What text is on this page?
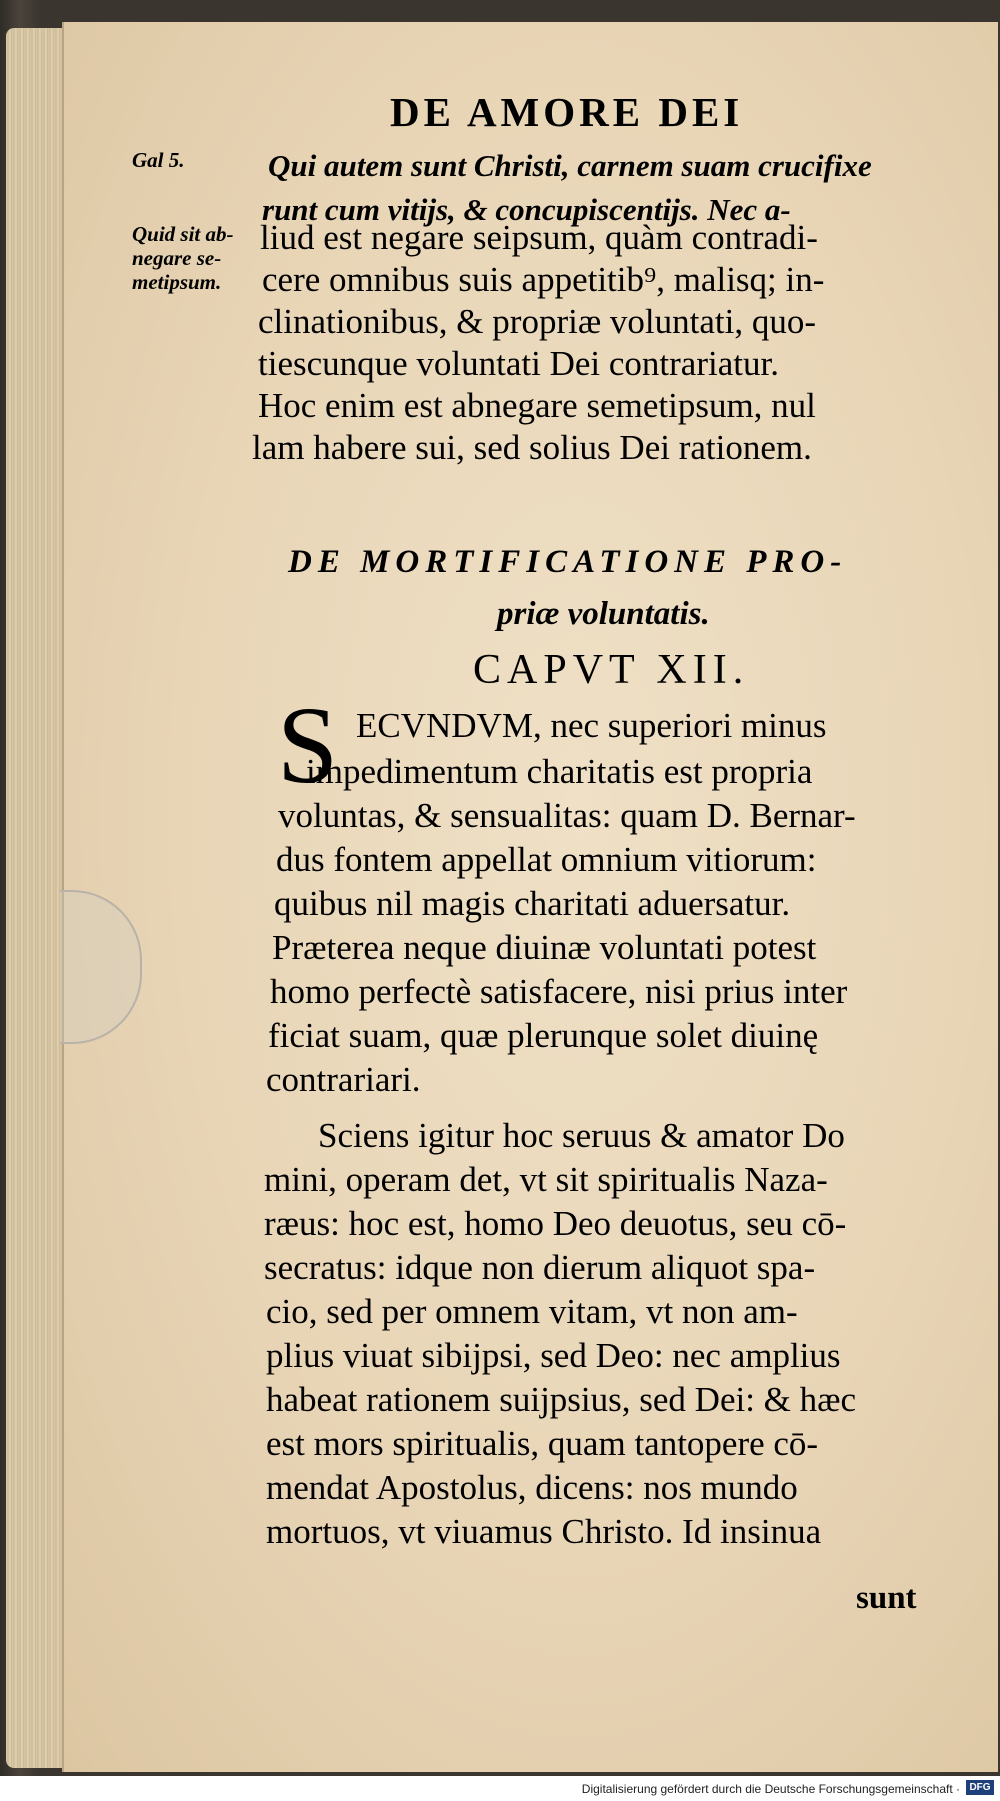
DE AMORE DEI
Gal 5.
Quid sit ab-
negare se-
metipsum.
Qui autem sunt Christi, carnem suam crucifixe
runt cum vitijs, & concupiscentijs. Nec a-
liud est negare seipsum, quàm contradi-
cere omnibus suis appetitib⁹, malisq; in-
clinationibus, & propriæ voluntati, quo-
tiescunque voluntati Dei contrariatur.
Hoc enim est abnegare semetipsum, nul
lam habere sui, sed solius Dei rationem.
DE MORTIFICATIONE PRO-
priæ voluntatis.
CAPVT XII.
S ECVNDVM, nec superiori minus
impedimentum charitatis est propria
voluntas, & sensualitas: quam D. Bernar-
dus fontem appellat omnium vitiorum:
quibus nil magis charitati aduersatur.
Præterea neque diuinæ voluntati potest
homo perfectè satisfacere, nisi prius inter
ficiat suam, quæ plerunque solet diuinę
contrariari.
Sciens igitur hoc seruus & amator Do
mini, operam det, vt sit spiritualis Naza-
ræus: hoc est, homo Deo deuotus, seu cō-
secratus: idque non dierum aliquot spa-
cio, sed per omnem vitam, vt non am-
plius viuat sibijpsi, sed Deo: nec amplius
habeat rationem suijpsius, sed Dei: & hæc
est mors spiritualis, quam tantopere cō-
mendat Apostolus, dicens: nos mundo
mortuos, vt viuamus Christo. Id insinua
sunt
Digitalisierung gefördert durch die Deutsche Forschungsgemeinschaft · DFG
